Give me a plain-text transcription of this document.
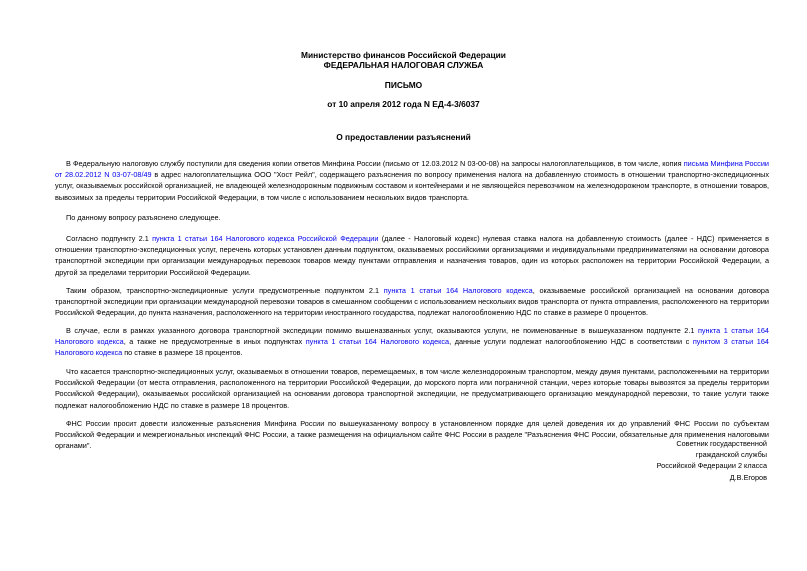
Министерство финансов Российской Федерации
ФЕДЕРАЛЬНАЯ НАЛОГОВАЯ СЛУЖБА
ПИСЬМО
от 10 апреля 2012 года N ЕД-4-3/6037
О предоставлении разъяснений

В Федеральную налоговую службу поступили для сведения копии ответов Минфина России (письмо от 12.03.2012 N 03-00-08) на запросы налогоплательщиков, в том числе, копия письма Минфина России от 28.02.2012 N 03-07-08/49 в адрес налогоплательщика ООО "Хост Рейл", содержащего разъяснения по вопросу применения налога на добавленную стоимость в отношении транспортно-экспедиционных услуг, оказываемых российской организацией, не владеющей железнодорожным подвижным составом и контейнерами и не являющейся перевозчиком на железнодорожном транспорте, в отношении товаров, вывозимых за пределы территории Российской Федерации, в том числе с использованием нескольких видов транспорта.

По данному вопросу разъяснено следующее.

Согласно подпункту 2.1 пункта 1 статьи 164 Налогового кодекса Российской Федерации (далее - Налоговый кодекс) нулевая ставка налога на добавленную стоимость (далее - НДС) применяется в отношении транспортно-экспедиционных услуг, перечень которых установлен данным подпунктом, оказываемых российскими организациями и индивидуальными предпринимателями на основании договора транспортной экспедиции при организации международных перевозок товаров между пунктами отправления и назначения товаров, один из которых расположен на территории Российской Федерации, а другой за пределами территории Российской Федерации.

Таким образом, транспортно-экспедиционные услуги предусмотренные подпунктом 2.1 пункта 1 статьи 164 Налогового кодекса, оказываемые российской организацией на основании договора транспортной экспедиции при организации международной перевозки товаров в смешанном сообщении с использованием нескольких видов транспорта от пункта отправления, расположенного на территории Российской Федерации, до пункта назначения, расположенного на территории иностранного государства, подлежат налогообложению НДС по ставке в размере 0 процентов.

В случае, если в рамках указанного договора транспортной экспедиции помимо вышеназванных услуг, оказываются услуги, не поименованные в вышеуказанном подпункте 2.1 пункта 1 статьи 164 Налогового кодекса, а также не предусмотренные в иных подпунктах пункта 1 статьи 164 Налогового кодекса, данные услуги подлежат налогообложению НДС в соответствии с пунктом 3 статьи 164 Налогового кодекса по ставке в размере 18 процентов.

Что касается транспортно-экспедиционных услуг, оказываемых в отношении товаров, перемещаемых, в том числе железнодорожным транспортом, между двумя пунктами, расположенными на территории Российской Федерации (от места отправления, расположенного на территории Российской Федерации, до морского порта или пограничной станции, через которые товары вывозятся за пределы территории Российской Федерации), оказываемых российской организацией на основании договора транспортной экспедиции, не предусматривающего организацию международной перевозки, то такие услуги также подлежат налогообложению НДС по ставке в размере 18 процентов.

ФНС России просит довести изложенные разъяснения Минфина России по вышеуказанному вопросу в установленном порядке для целей доведения их до управлений ФНС России по субъектам Российской Федерации и межрегиональных инспекций ФНС России, а также размещения на официальном сайте ФНС России в разделе "Разъяснения ФНС России, обязательные для применения налоговыми органами".	Советник государственной
гражданской службы
Российской Федерации 2 класса
Д.В.Егоров
